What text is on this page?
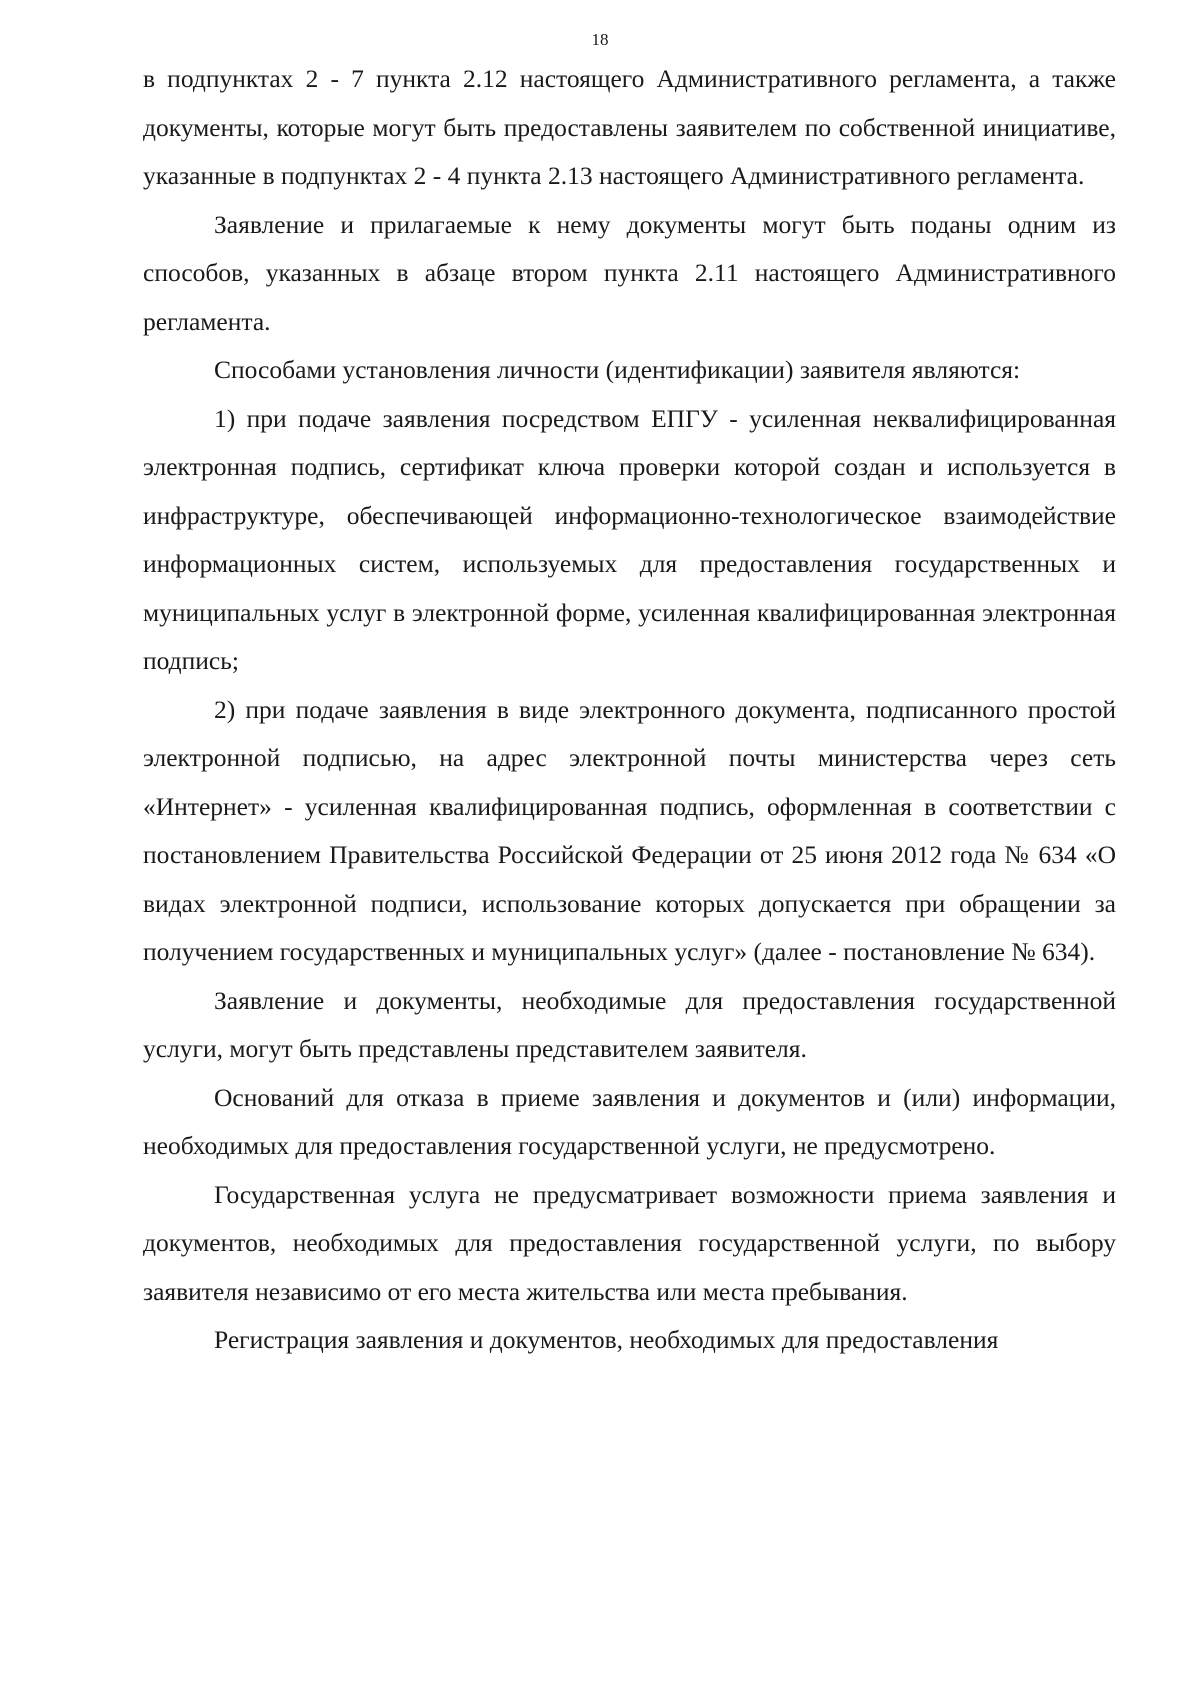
18

в подпунктах 2 - 7 пункта 2.12 настоящего Административного регламента, а также документы, которые могут быть предоставлены заявителем по собственной инициативе, указанные в подпунктах 2 - 4 пункта 2.13 настоящего Административного регламента.

Заявление и прилагаемые к нему документы могут быть поданы одним из способов, указанных в абзаце втором пункта 2.11 настоящего Административного регламента.

Способами установления личности (идентификации) заявителя являются:

1) при подаче заявления посредством ЕПГУ - усиленная неквалифицированная электронная подпись, сертификат ключа проверки которой создан и используется в инфраструктуре, обеспечивающей информационно-технологическое взаимодействие информационных систем, используемых для предоставления государственных и муниципальных услуг в электронной форме, усиленная квалифицированная электронная подпись;

2) при подаче заявления в виде электронного документа, подписанного простой электронной подписью, на адрес электронной почты министерства через сеть «Интернет» - усиленная квалифицированная подпись, оформленная в соответствии с постановлением Правительства Российской Федерации от 25 июня 2012 года № 634 «О видах электронной подписи, использование которых допускается при обращении за получением государственных и муниципальных услуг» (далее - постановление № 634).

Заявление и документы, необходимые для предоставления государственной услуги, могут быть представлены представителем заявителя.

Оснований для отказа в приеме заявления и документов и (или) информации, необходимых для предоставления государственной услуги, не предусмотрено.

Государственная услуга не предусматривает возможности приема заявления и документов, необходимых для предоставления государственной услуги, по выбору заявителя независимо от его места жительства или места пребывания.

Регистрация заявления и документов, необходимых для предоставления
